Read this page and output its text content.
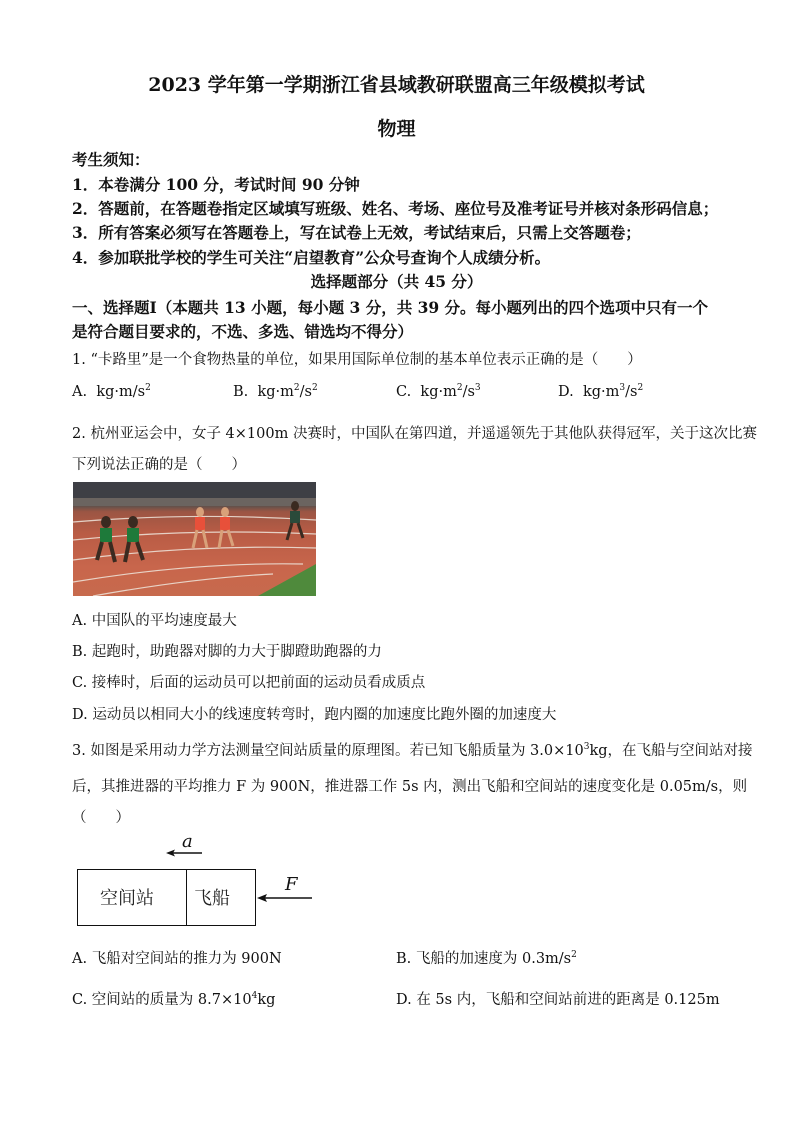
2023 学年第一学期浙江省县域教研联盟高三年级模拟考试
物理
考生须知：
1．本卷满分 100 分，考试时间 90 分钟
2．答题前，在答题卷指定区域填写班级、姓名、考场、座位号及准考证号并核对条形码信息；
3．所有答案必须写在答题卷上，写在试卷上无效，考试结束后，只需上交答题卷；
4．参加联批学校的学生可关注“启望教育”公众号查询个人成绩分析。
选择题部分（共 45 分）
一、选择题Ⅰ（本题共 13 小题，每小题 3 分，共 39 分。每小题列出的四个选项中只有一个
是符合题目要求的，不选、多选、错选均不得分）
1. “卡路里”是一个食物热量的单位，如果用国际单位制的基本单位表示正确的是（　　）
A. $kg\cdot m/s^2$	B. $kg\cdot m^2/s^2$	C. $kg\cdot m^2/s^3$	D. $kg\cdot m^3/s^2$
2. 杭州亚运会中，女子 4×100m 决赛时，中国队在第四道，并遥遥领先于其他队获得冠军，关于这次比赛
下列说法正确的是（　　）
A. 中国队的平均速度最大
B. 起跑时，助跑器对脚的力大于脚蹬助跑器的力
C. 接棒时，后面的运动员可以把前面的运动员看成质点
D. 运动员以相同大小的线速度转弯时，跑内圈的加速度比跑外圈的加速度大
3. 如图是采用动力学方法测量空间站质量的原理图。若已知飞船质量为 $3.0\times 10^3kg$，在飞船与空间站对接
后，其推进器的平均推力 F 为 900N，推进器工作 5s 内，测出飞船和空间站的速度变化是 0.05m/s，则
（　　）
空间站 飞船
a
F
A. 飞船对空间站的推力为 900N	B. 飞船的加速度为 $0.3m/s^2$
C. 空间站的质量为 $8.7\times 10^4kg$	D. 在 5s 内，飞船和空间站前进的距离是 0.125m
